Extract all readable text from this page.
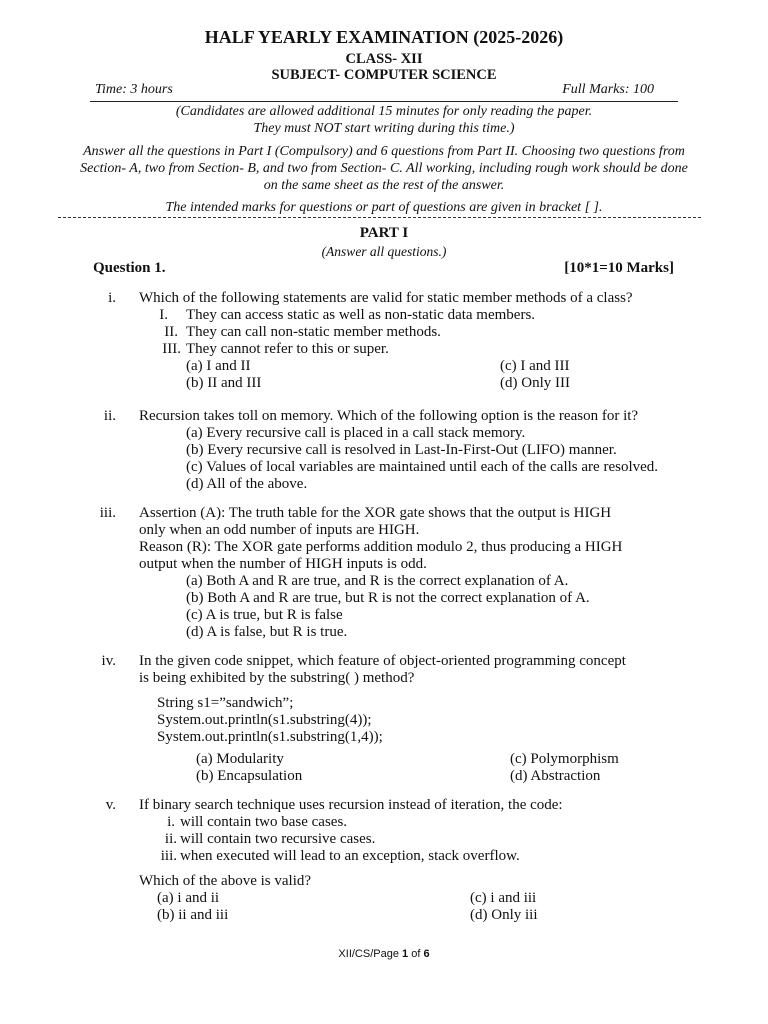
HALF YEARLY EXAMINATION (2025-2026)
CLASS- XII
SUBJECT- COMPUTER SCIENCE
Time: 3 hours	Full Marks: 100
(Candidates are allowed additional 15 minutes for only reading the paper.
They must NOT start writing during this time.)
Answer all the questions in Part I (Compulsory) and 6 questions from Part II. Choosing two questions from
Section- A, two from Section- B, and two from Section- C. All working, including rough work should be done
on the same sheet as the rest of the answer.
The intended marks for questions or part of questions are given in bracket [ ].
PART I
(Answer all questions.)
Question 1.	[10*1=10 Marks]
i. Which of the following statements are valid for static member methods of a class?
I. They can access static as well as non-static data members.
II. They can call non-static member methods.
III. They cannot refer to this or super.
(a) I and II	(c) I and III
(b) II and III	(d) Only III
ii. Recursion takes toll on memory. Which of the following option is the reason for it?
(a) Every recursive call is placed in a call stack memory.
(b) Every recursive call is resolved in Last-In-First-Out (LIFO) manner.
(c) Values of local variables are maintained until each of the calls are resolved.
(d) All of the above.
iii. Assertion (A): The truth table for the XOR gate shows that the output is HIGH
only when an odd number of inputs are HIGH.
Reason (R): The XOR gate performs addition modulo 2, thus producing a HIGH
output when the number of HIGH inputs is odd.
(a) Both A and R are true, and R is the correct explanation of A.
(b) Both A and R are true, but R is not the correct explanation of A.
(c) A is true, but R is false
(d) A is false, but R is true.
iv. In the given code snippet, which feature of object-oriented programming concept
is being exhibited by the substring( ) method?
String s1=”sandwich”;
System.out.println(s1.substring(4));
System.out.println(s1.substring(1,4));
(a) Modularity	(c) Polymorphism
(b) Encapsulation	(d) Abstraction
v. If binary search technique uses recursion instead of iteration, the code:
i. will contain two base cases.
ii. will contain two recursive cases.
iii. when executed will lead to an exception, stack overflow.
Which of the above is valid?
(a) i and ii	(c) i and iii
(b) ii and iii	(d) Only iii
XII/CS/Page 1 of 6
